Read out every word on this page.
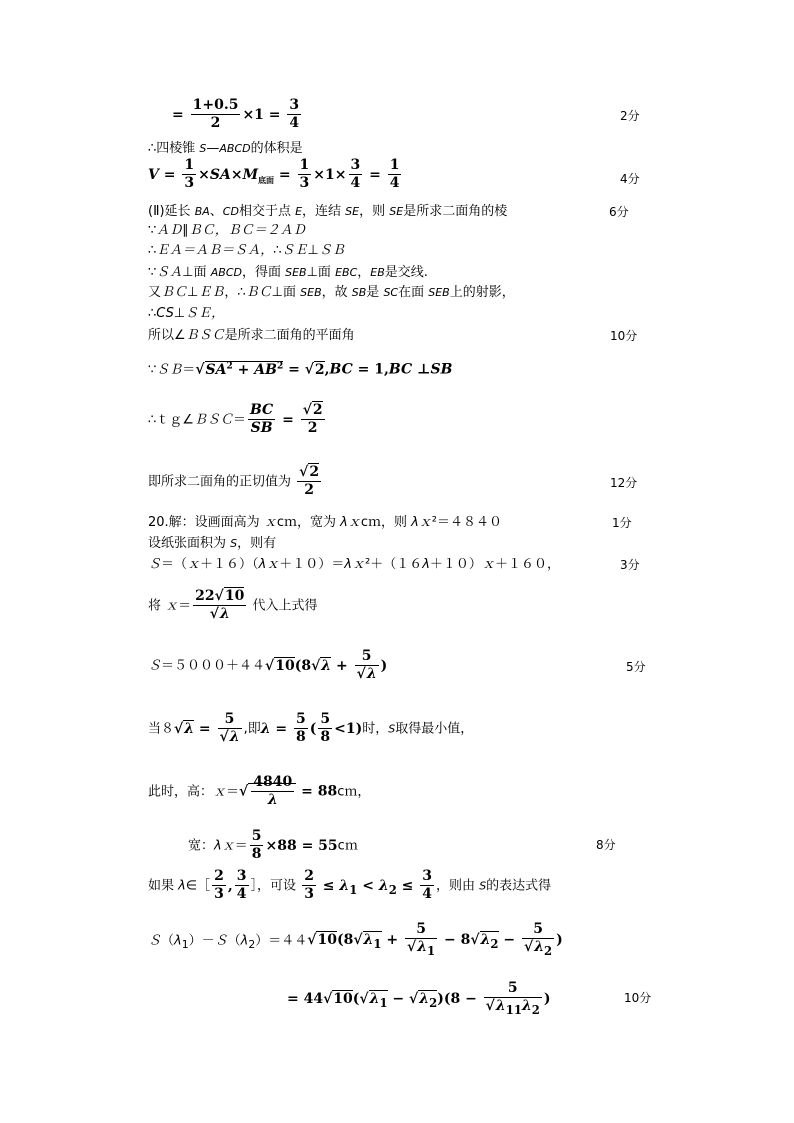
= $\frac{1+0.5}{2} \times 1 = \frac{3}{4}$	2分
∴四棱锥 S—ABCD的体积是
$V = \frac{1}{3} \times SA\times M_{底面} = \frac{1}{3} \times 1\times \frac{3}{4} = \frac{1}{4}$	4分
(Ⅱ)延长 BA、CD相交于点 E，连结 SE，则 SE是所求二面角的棱	6分
∵ＡＤ∥ＢＣ，ＢＣ＝２ＡＤ
∴ＥＡ＝ＡＢ＝ＳＡ，∴ＳＥ⊥ＳＢ
∵ＳＡ⊥面 ABCD，得面 SEB⊥面 EBC，EB是交线.
又ＢＣ⊥ＥＢ，∴ＢＣ⊥面 SEB，故 SB是 SC在面 SEB上的射影，
∴CS⊥ＳＥ，
所以∠ＢＳＣ是所求二面角的平面角	10分
$\because SB=√SA^2 + AB^2 = √2,BC = 1,BC$ ⊥SB
∴ｔｇ∠ＢＳＣ＝ $\frac{BC}{SB} = \frac{√2}{2}$
即所求二面角的正切值为 $\frac{√2}{2}$	12分
20.解：设画面高为 ｘcｍ，宽为 λｘcｍ，则 λｘ²＝４８４０	1分
设纸张面积为 S，则有
Ｓ＝（ｘ＋１６）（λｘ＋１０）＝λｘ²＋（１６λ＋１０）ｘ＋１６０，	3分
将 ｘ＝ $\frac{22√10}{√\lambda}$ 代入上式得
Ｓ＝５０００＋４４√10(8√λ + $\frac{5}{√\lambda}$ )	5分
当$8√\lambda = \frac{5}{√\lambda}$ ,即$\lambda = \frac{5}{8}$ ( $\frac{5}{8} <1$)时，S取得最小值，
此时，高：ｘ＝√ $\frac{4840}{\lambda}$ = 88cｍ，
宽：λｘ＝ $\frac{5}{8} \times 88$ = 55cｍ	8分
如果 λ∈［ $\frac{2}{3}$ , $\frac{3}{4}$ ］，可设 $\frac{2}{3} \le \lambda_1 < \lambda_2 \le \frac{3}{4}$ ，则由 S的表达式得
$S(\lambda_1)-S(\lambda_2)=44√10(8√\lambda_1 + \frac{5}{√\lambda_1} - 8√\lambda_2 - \frac{5}{√\lambda_2}$ )
= $44√10(√\lambda_1 - √\lambda_2)(8 - \frac{5}{√\lambda_{11}\lambda_2}$ )	10分
